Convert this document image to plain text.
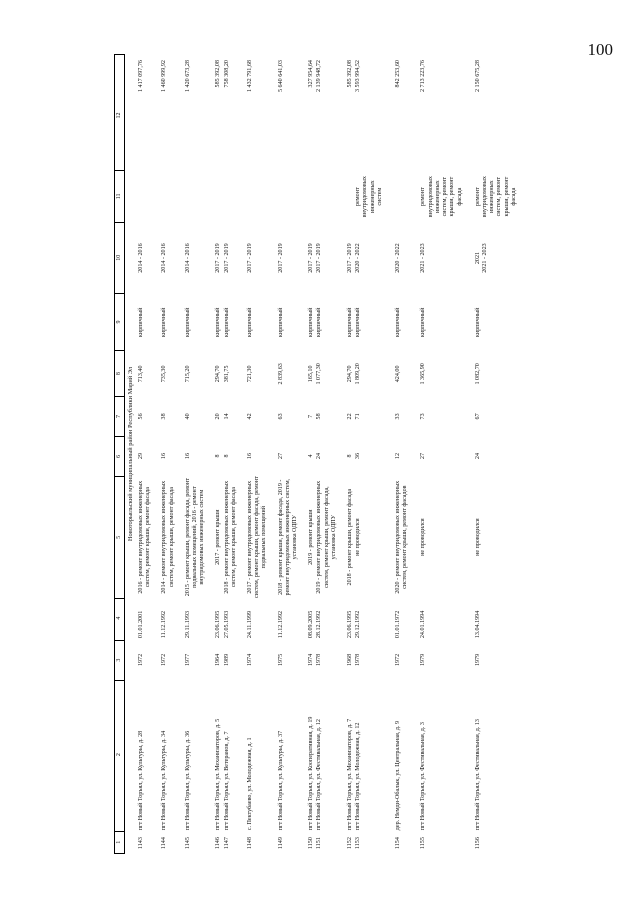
100
1
2
3
4
5
6
7
8
9
10
11
12
Новоторьяльский муниципальный район Республики Марий Эл
1143
пгт Новый Торъял, ул. Культуры, д. 28
1972
01.01.2001
2016 - ремонт внутридомовых инженерных систем, ремонт крыши, ремонт фасада
29
56
713,40
кирпичный
2014 - 2016
1 417 097,76
1144
пгт Новый Торъял, ул. Культуры, д. 34
1972
11.12.1992
2014 - ремонт внутридомовых инженерных систем, ремонт крыши, ремонт фасада
16
38
735,30
кирпичный
2014 - 2016
1 460 999,92
1145
пгт Новый Торъял, ул. Культуры, д. 36
1977
29.11.1993
2015 - ремонт крыши, ремонт фасада, ремонт подвальных помещений, 2016 - ремонт внутридомовых инженерных систем
16
40
715,20
кирпичный
2014 - 2016
1 420 673,28
1146
пгт Новый Торъял, ул. Механизаторов, д. 5
1964
23.06.1995
2017 - ремонт крыши
8
20
294,70
кирпичный
2017 - 2019
585 392,08
1147
пгт Новый Торъял, ул. Ветеранов, д. 7
1989
27.05.1993
2018 - ремонт внутридомовых инженерных систем, ремонт крыши, ремонт фасада
8
14
381,75
кирпичный
2017 - 2019
758 308,20
1148
с. Пектубаево, ул. Молодежная, д. 1
1974
24.11.1999
2017 - ремонт внутридомовых инженерных систем, ремонт крыши, ремонт фасада, ремонт подвальных помещений
16
42
721,30
кирпичный
2017 - 2019
1 432 791,68
1149
пгт Новый Торъял, ул. Культуры, д. 37
1975
11.12.1992
2018 - ремонт крыши, ремонт фасада, 2019 - ремонт внутридомовых инженерных систем, установка ОДПУ
27
63
2 839,63
кирпичный
2017 - 2019
5 640 641,03
1150
пгт Новый Торъял, ул. Кооперативная, д. 19
1974
08.09.2005
2019 - ремонт крыши
4
7
165,10
кирпичный
2017 - 2019
327 954,64
1151
пгт Новый Торъял, ул. Фестивальная, д. 12
1978
28.12.1992
2019 - ремонт внутридомовых инженерных систем, ремонт крыши, ремонт фасада, установка ОДПУ
24
58
1 077,30
кирпичный
2017 - 2019
2 139 948,72
1152
пгт Новый Торъял, ул. Механизаторов, д. 7
1968
23.06.1995
2018 - ремонт крыши, ремонт фасада
8
22
294,70
кирпичный
2017 - 2019
585 392,08
1153
пгт Новый Торъял, ул. Молодежная, д. 12
1978
29.12.1992
не проводился
36
71
1 809,20
кирпичный
2020 - 2022
ремонт внутридомовых инженерных систем
3 593 994,52
1154
дер. Немди-Обалык, ул. Центральная, д. 9
1972
01.01.1972
2020 - ремонт внутридомовых инженерных систем, ремонт крыши, ремонт фасадов
12
33
424,00
кирпичный
2020 - 2022
842 253,60
1155
пгт Новый Торъял, ул. Фестивальная, д. 3
1979
24.01.1994
не проводился
27
73
1 365,90
кирпичный
2021 - 2023
ремонт внутридомовых инженерных систем, ремонт крыши, ремонт фасада
2 713 223,76
1156
пгт Новый Торъял, ул. Фестивальная, д. 13
1979
13.04.1994
не проводился
24
67
1 082,70
кирпичный
2021
2021 - 2023
ремонт внутридомовых инженерных систем, ремонт крыши, ремонт фасада
2 150 675,28
